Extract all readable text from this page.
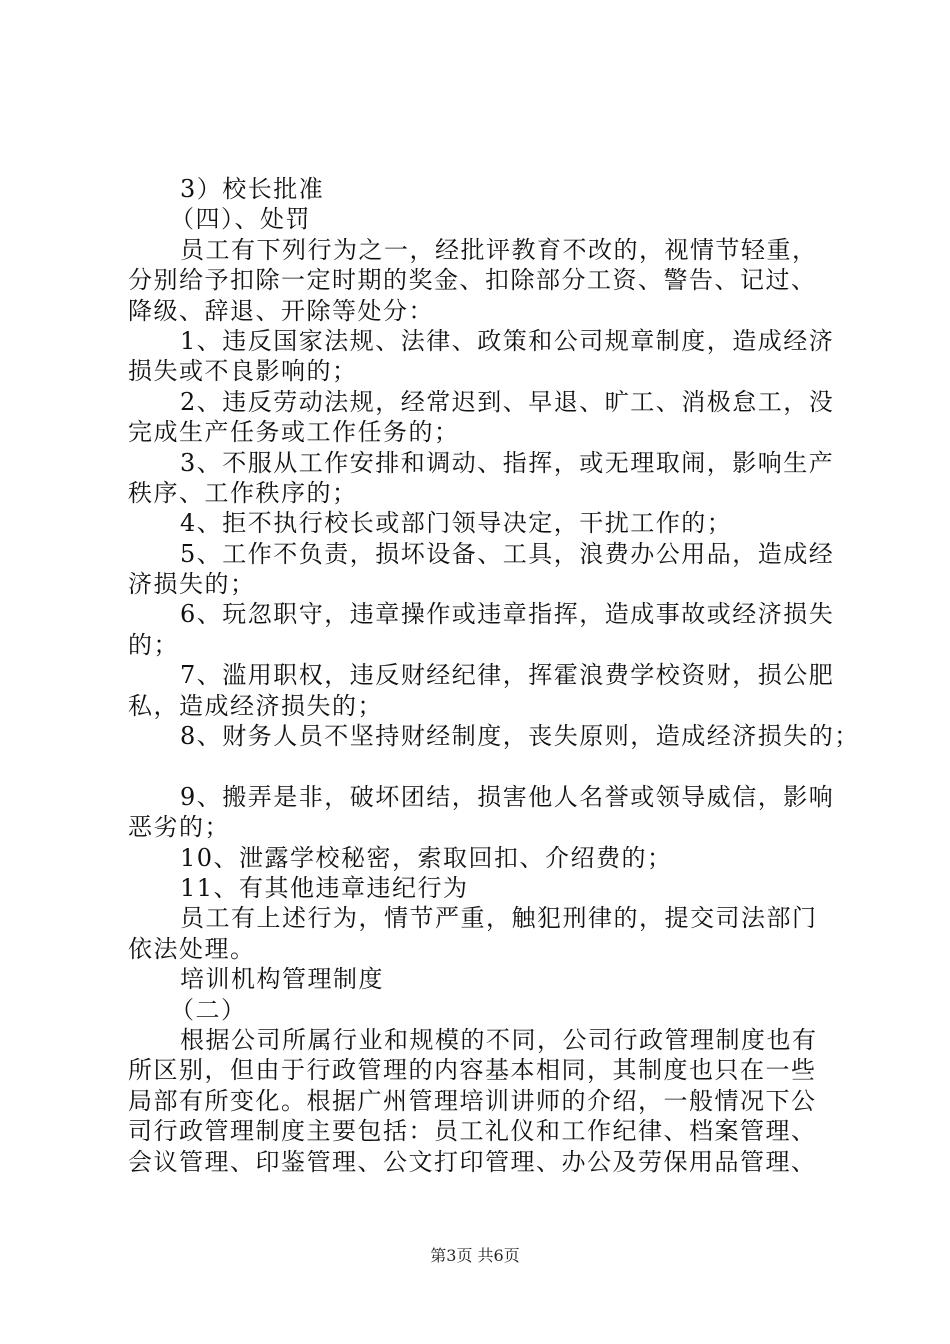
3）校长批准
（四）、处罚
员工有下列行为之一，经批评教育不改的，视情节轻重，
分别给予扣除一定时期的奖金、扣除部分工资、警告、记过、
降级、辞退、开除等处分：
1、违反国家法规、法律、政策和公司规章制度，造成经济
损失或不良影响的；
2、违反劳动法规，经常迟到、早退、旷工、消极怠工，没
完成生产任务或工作任务的；
3、不服从工作安排和调动、指挥，或无理取闹，影响生产
秩序、工作秩序的；
4、拒不执行校长或部门领导决定，干扰工作的；
5、工作不负责，损坏设备、工具，浪费办公用品，造成经
济损失的；
6、玩忽职守，违章操作或违章指挥，造成事故或经济损失
的；
7、滥用职权，违反财经纪律，挥霍浪费学校资财，损公肥
私，造成经济损失的；
8、财务人员不坚持财经制度，丧失原则，造成经济损失的；
9、搬弄是非，破坏团结，损害他人名誉或领导威信，影响
恶劣的；
10、泄露学校秘密，索取回扣、介绍费的；
11、有其他违章违纪行为
员工有上述行为，情节严重，触犯刑律的，提交司法部门
依法处理。
培训机构管理制度
（二）
根据公司所属行业和规模的不同，公司行政管理制度也有
所区别，但由于行政管理的内容基本相同，其制度也只在一些
局部有所变化。根据广州管理培训讲师的介绍，一般情况下公
司行政管理制度主要包括：员工礼仪和工作纪律、档案管理、
会议管理、印鉴管理、公文打印管理、办公及劳保用品管理、
第3页 共6页
